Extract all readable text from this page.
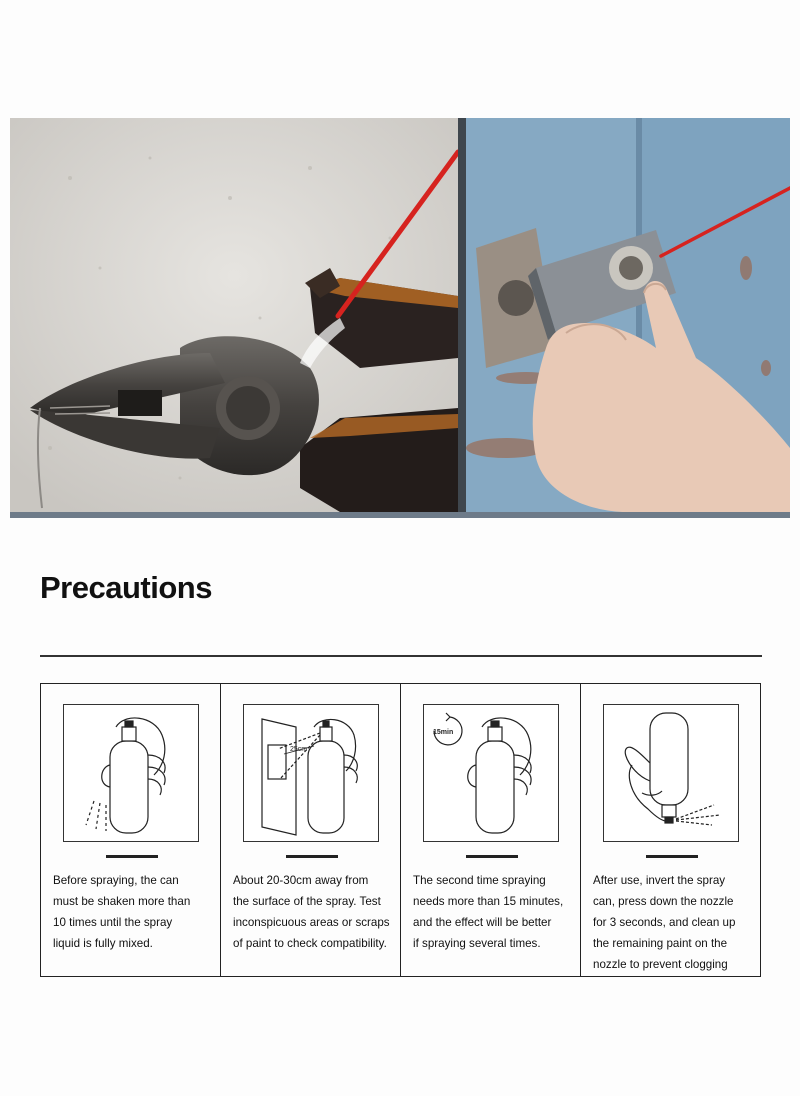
Precautions
Before spraying, the can
must be shaken more than
10 times until the spray
liquid is fully mixed.
25cm
About 20-30cm away from
the surface of the spray. Test
inconspicuous areas or scraps
of paint to check compatibility.
15min
The second time spraying
needs more than 15 minutes,
and the effect will be better
if spraying several times.
After use, invert the spray
can, press down the nozzle
for 3 seconds, and clean up
the remaining paint on the
nozzle to prevent clogging
